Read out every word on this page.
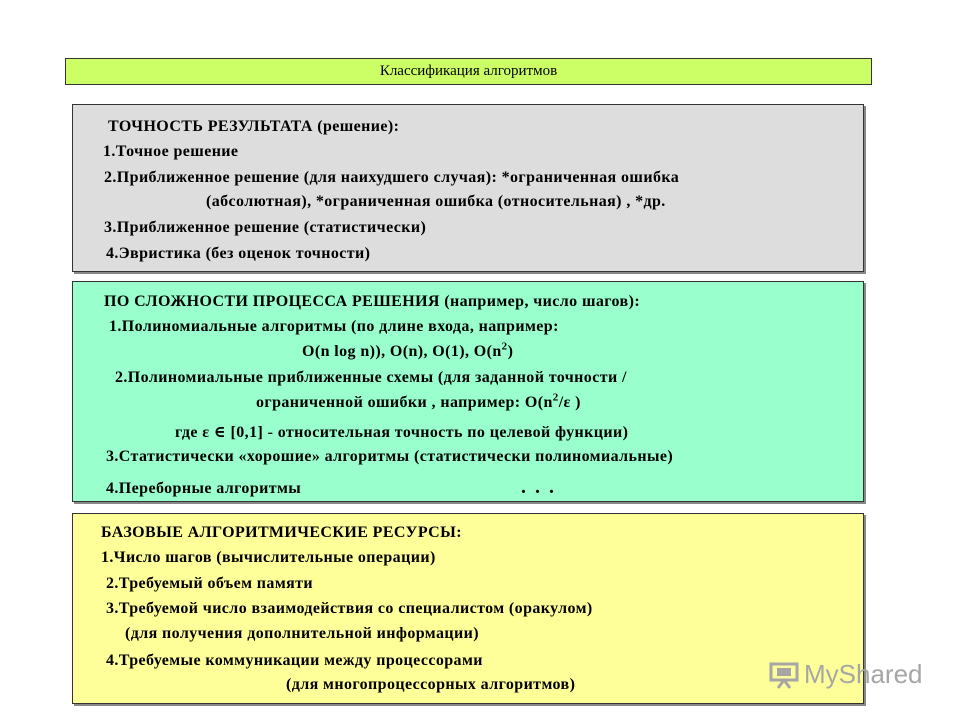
Классификация алгоритмов
ТОЧНОСТЬ РЕЗУЛЬТАТА (решение):
1.Точное решение
2.Приближенное решение (для наихудшего случая): *ограниченная ошибка
(абсолютная), *ограниченная ошибка (относительная) , *др.
3.Приближенное решение (статистически)
4.Эвристика (без оценок точности)
ПО СЛОЖНОСТИ ПРОЦЕССА РЕШЕНИЯ (например, число шагов):
1.Полиномиальные алгоритмы (по длине входа, например:
O(n log n)), O(n), O(1), $O(n^2)$
2.Полиномиальные приближенные схемы (для заданной точности /
ограниченной ошибки , например: $O(n^2/\varepsilon$ )
где ε ∈ [0,1] - относительная точность по целевой функции)
3.Статистически «хорошие» алгоритмы (статистически полиномиальные)
4.Переборные алгоритмы	. . .
БАЗОВЫЕ АЛГОРИТМИЧЕСКИЕ РЕСУРСЫ:
1.Число шагов (вычислительные операции)
2.Требуемый объем памяти
3.Требуемой число взаимодействия со специалистом (оракулом)
(для получения дополнительной информации)
4.Требуемые коммуникации между процессорами
(для многопроцессорных алгоритмов)	MyShared
